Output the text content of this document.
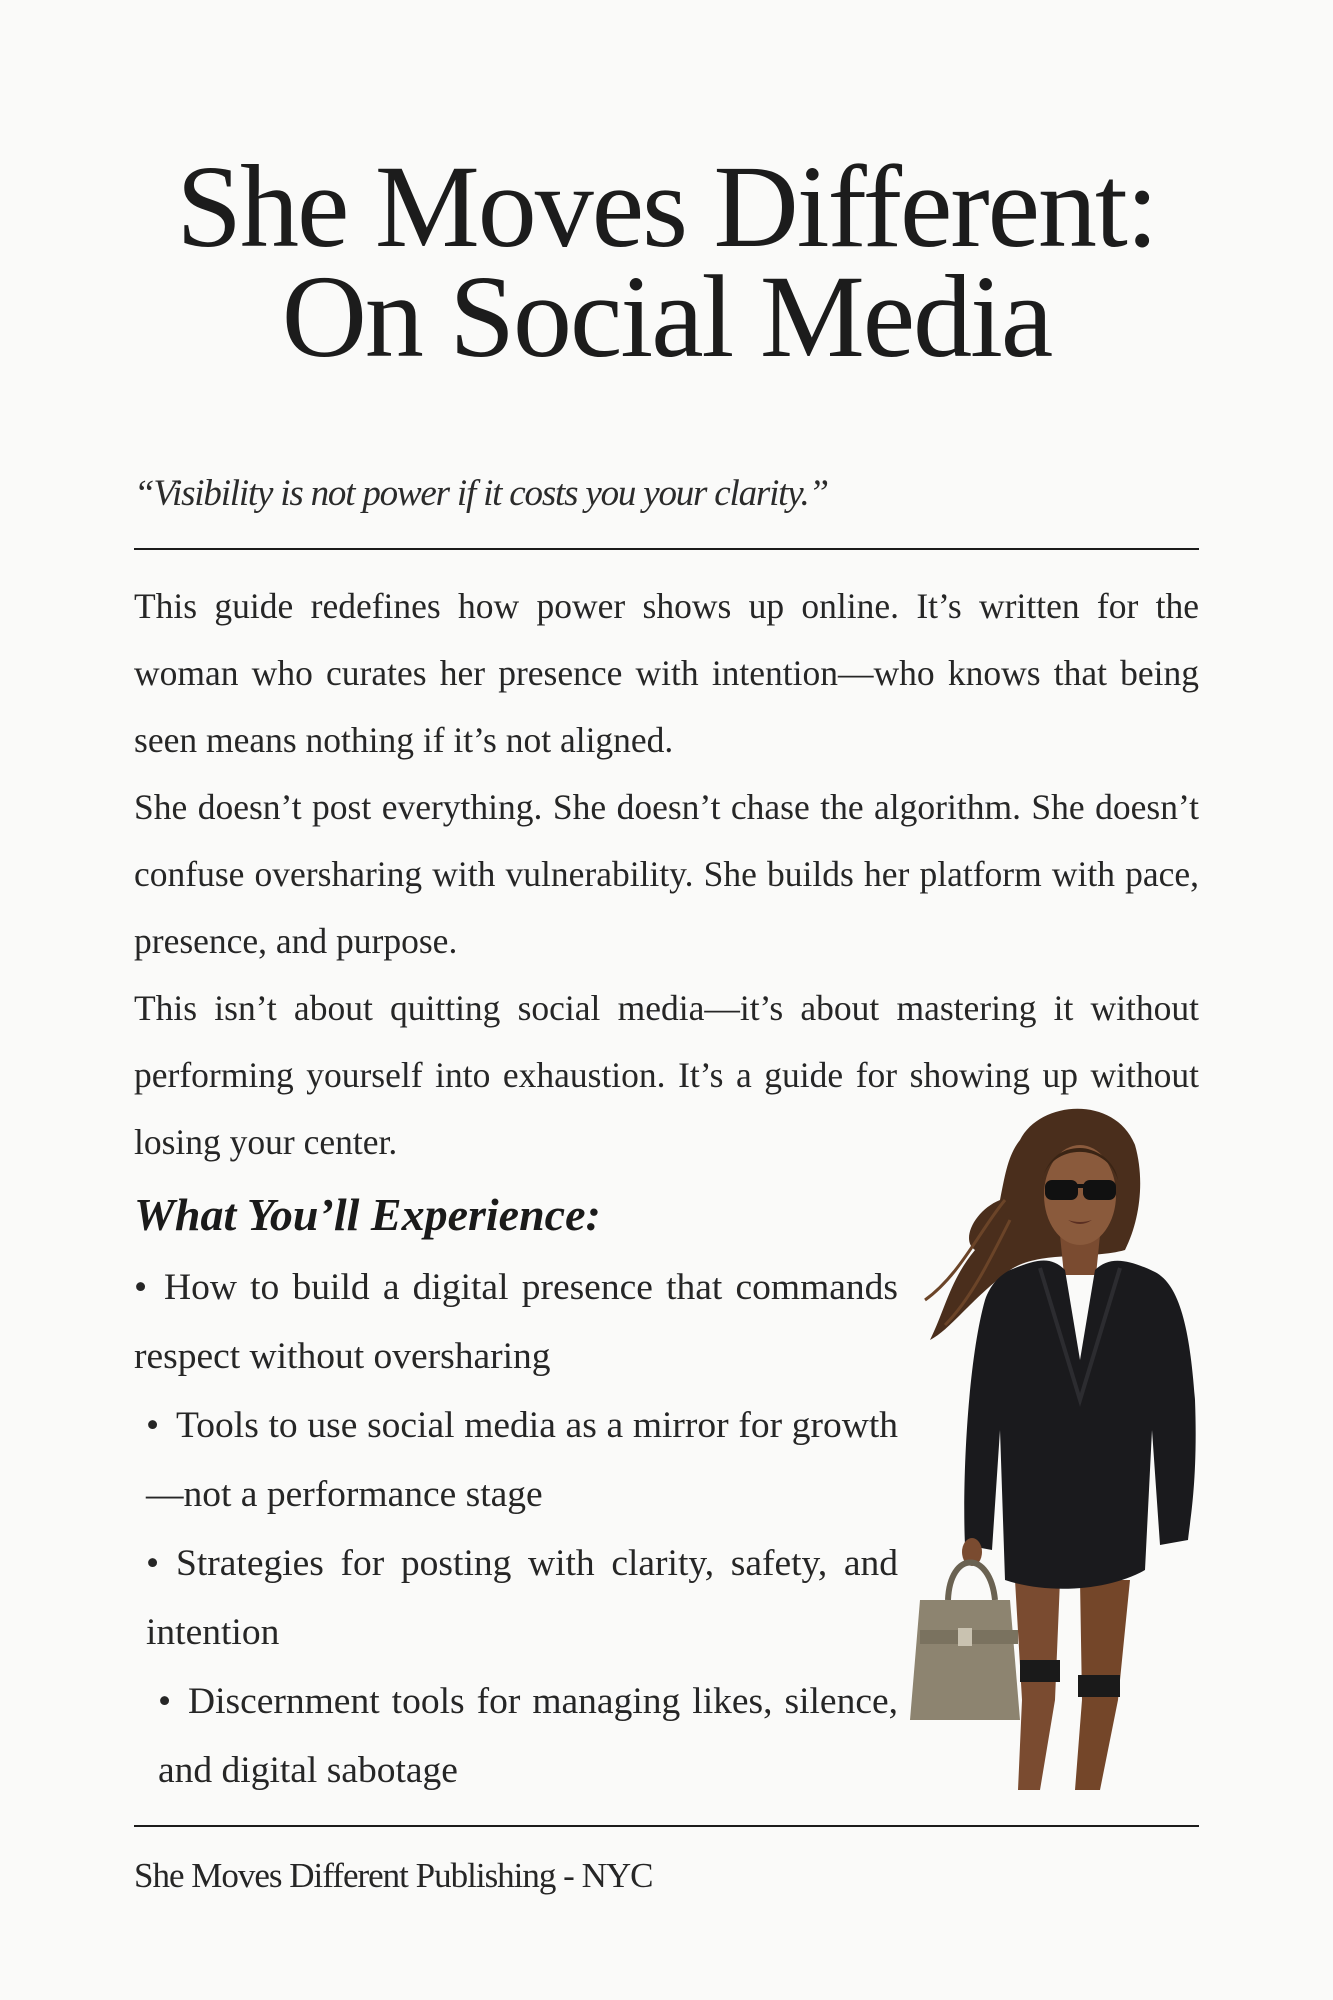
She Moves Different:
On Social Media
“Visibility is not power if it costs you your clarity.”

This guide redefines how power shows up online. It’s written for the woman who curates her presence with intention—who knows that being seen means nothing if it’s not aligned.

She doesn’t post everything. She doesn’t chase the algorithm. She doesn’t confuse oversharing with vulnerability. She builds her platform with pace, presence, and purpose.

This isn’t about quitting social media—it’s about mastering it without performing yourself into exhaustion. It’s a guide for showing up without losing your center.

What You’ll Experience:
• How to build a digital presence that commands respect without oversharing
• Tools to use social media as a mirror for growth—not a performance stage
• Strategies for posting with clarity, safety, and intention
• Discernment tools for managing likes, silence, and digital sabotage
She Moves Different Publishing - NYC
